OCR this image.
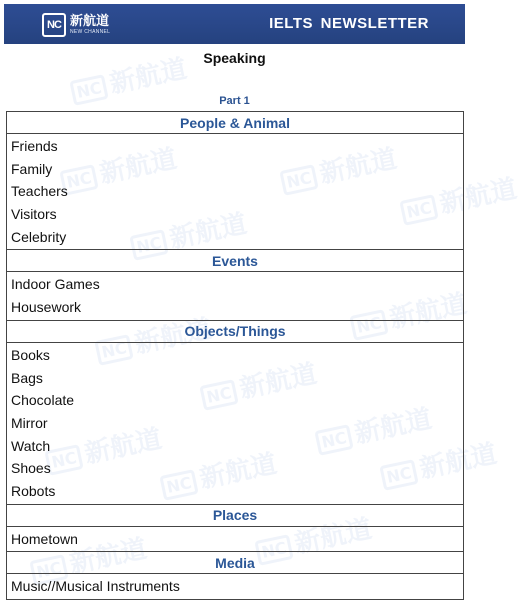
NC 新航道
NEW CHANNEL	IELTS NEWSLETTER
Speaking
Part 1
NC 新航道
NC 新航道
NC 新航道
NC 新航道	NC 新航道
NC 新航道
NC 新航道
NC 新航道
NC 新航道
NC 新航道
NC 新航道	NC 新航道
NC 新航道
NC 新航道
People & Animal

Friends
Family
Teachers
Visitors
Celebrity

Events

Indoor Games
Housework

Objects/Things

Books
Bags
Chocolate
Mirror
Watch
Shoes
Robots

Places

Hometown

Media

Music//Musical Instruments
